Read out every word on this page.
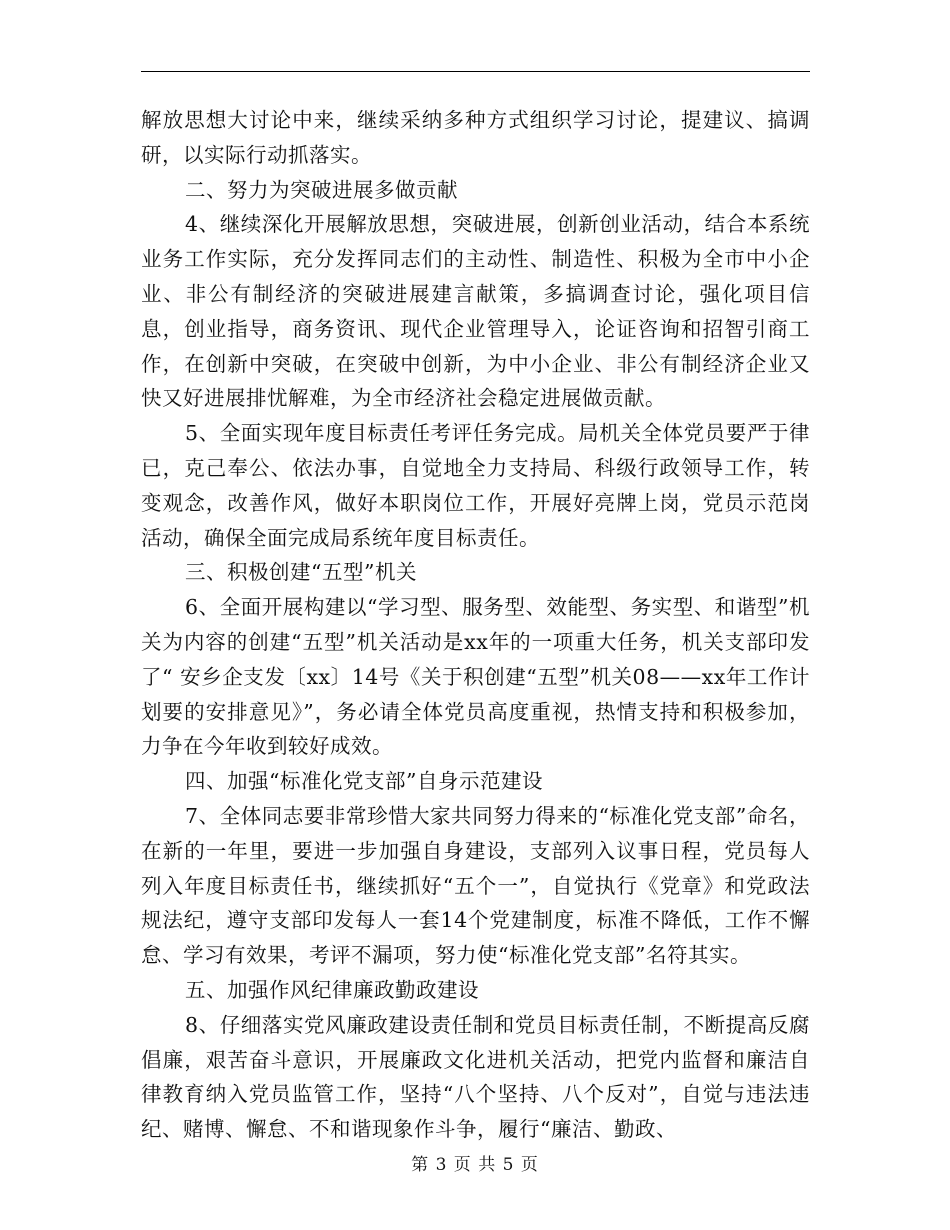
解放思想大讨论中来，继续采纳多种方式组织学习讨论，提建议、搞调研，以实际行动抓落实。

二、努力为突破进展多做贡献

4、继续深化开展解放思想，突破进展，创新创业活动，结合本系统业务工作实际，充分发挥同志们的主动性、制造性、积极为全市中小企业、非公有制经济的突破进展建言献策，多搞调查讨论，强化项目信息，创业指导，商务资讯、现代企业管理导入，论证咨询和招智引商工作，在创新中突破，在突破中创新，为中小企业、非公有制经济企业又快又好进展排忧解难，为全市经济社会稳定进展做贡献。

5、全面实现年度目标责任考评任务完成。局机关全体党员要严于律已，克己奉公、依法办事，自觉地全力支持局、科级行政领导工作，转变观念，改善作风，做好本职岗位工作，开展好亮牌上岗，党员示范岗活动，确保全面完成局系统年度目标责任。

三、积极创建“五型”机关

6、全面开展构建以“学习型、服务型、效能型、务实型、和谐型”机关为内容的创建“五型”机关活动是xx年的一项重大任务，机关支部印发了“ 安乡企支发〔xx〕14号《关于积创建“五型”机关08——xx年工作计划要的安排意见》”，务必请全体党员高度重视，热情支持和积极参加，力争在今年收到较好成效。

四、加强“标准化党支部”自身示范建设

7、全体同志要非常珍惜大家共同努力得来的“标准化党支部”命名，在新的一年里，要进一步加强自身建设，支部列入议事日程，党员每人列入年度目标责任书，继续抓好“五个一”，自觉执行《党章》和党政法规法纪，遵守支部印发每人一套14个党建制度，标准不降低，工作不懈怠、学习有效果，考评不漏项，努力使“标准化党支部”名符其实。

五、加强作风纪律廉政勤政建设

8、仔细落实党风廉政建设责任制和党员目标责任制，不断提高反腐倡廉，艰苦奋斗意识，开展廉政文化进机关活动，把党内监督和廉洁自律教育纳入党员监管工作，坚持“八个坚持、八个反对”，自觉与违法违纪、赌博、懈怠、不和谐现象作斗争，履行“廉洁、勤政、

第 3 页 共 5 页
